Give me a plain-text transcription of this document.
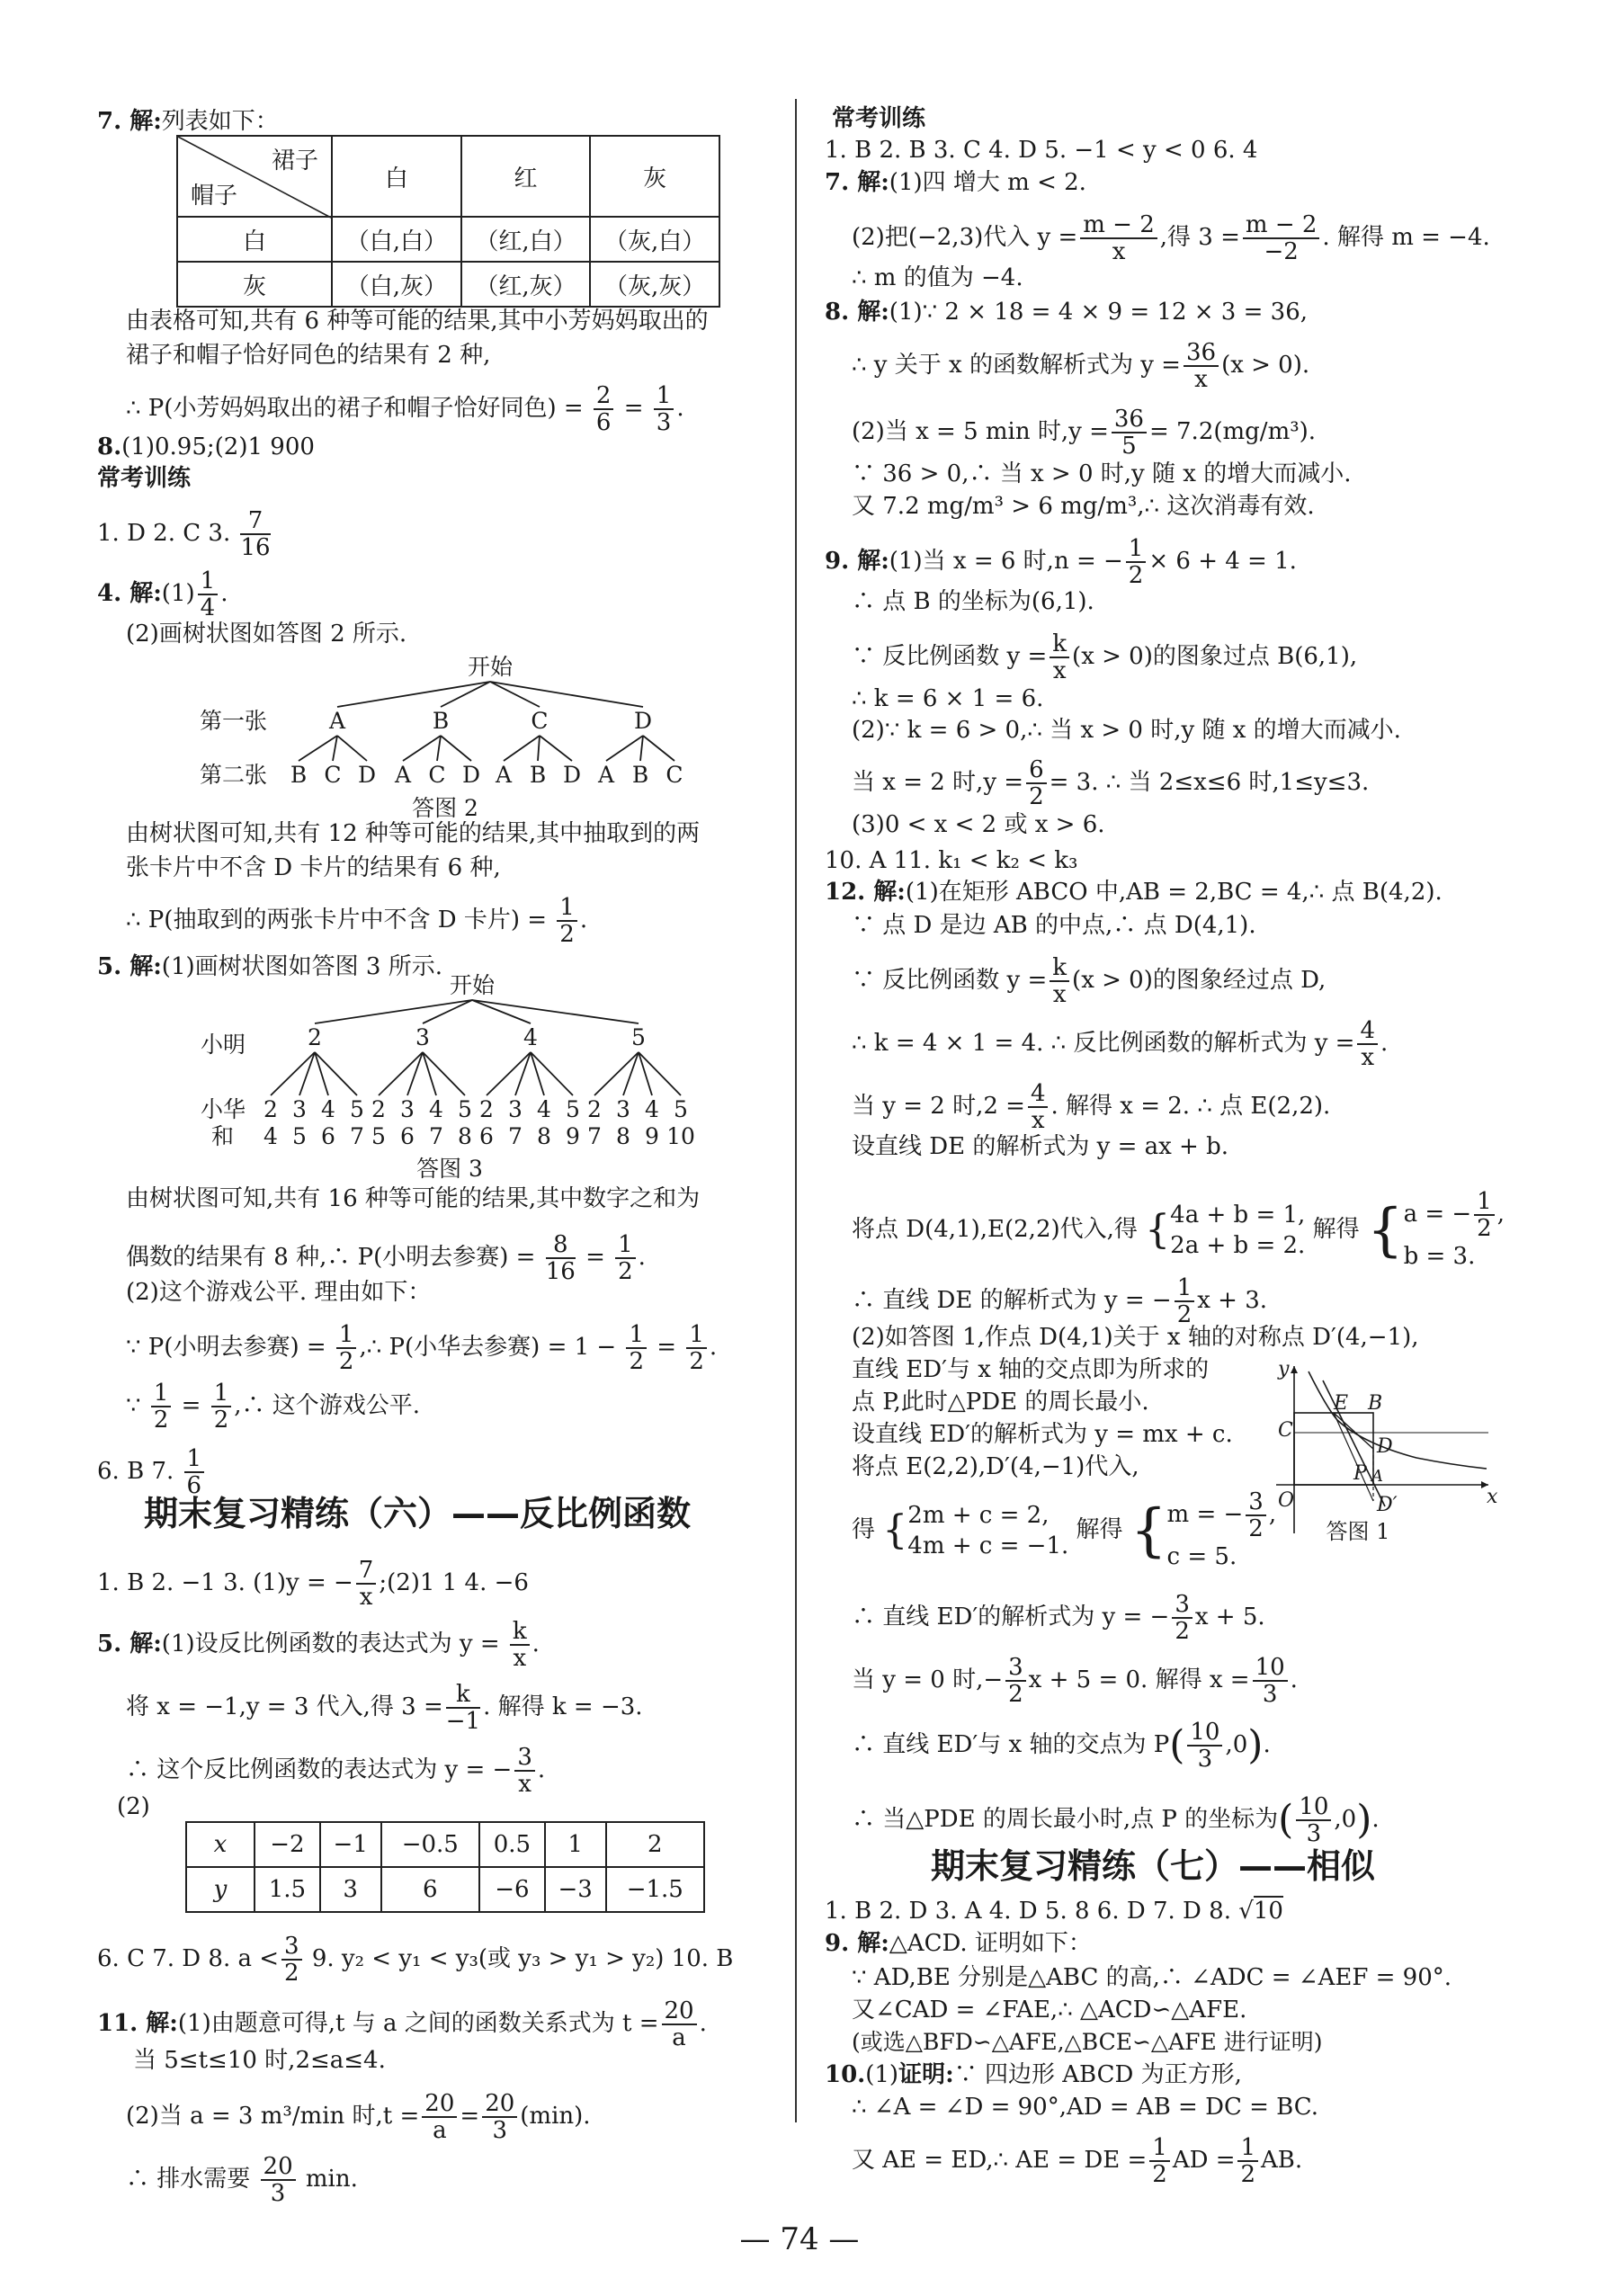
7. 解:列表如下：
裙子
帽子	白	红	灰
白	（白,白）	（红,白）	（灰,白）
灰	（白,灰）	（红,灰）	（灰,灰）
由表格可知,共有 6 种等可能的结果,其中小芳妈妈取出的
裙子和帽子恰好同色的结果有 2 种,
∴ P(小芳妈妈取出的裙子和帽子恰好同色) = $\frac{2}{6} = \frac{1}{3}$ .
8.(1)0.95;(2)1 900
常考训练
1. D 2. C 3. $\frac{7}{16}$
4. 解:(1) $\frac{1}{4}$ .
(2)画树状图如答图 2 所示.
开始
第一张	A	B	C	D
第二张 B C D A C D A B D A B C
答图 2
由树状图可知,共有 12 种等可能的结果,其中抽取到的两
张卡片中不含 D 卡片的结果有 6 种,
∴ P(抽取到的两张卡片中不含 D 卡片) = $\frac{1}{2}$ .
5. 解:(1)画树状图如答图 3 所示.
开始
小明	2	3	4	5
小华
和
2 3 4 5 2 3 4 5 2 3 4 5 2 3 4 5
4 5 6 7 5 6 7 8 6 7 8 9 7 8 9 10
答图 3
由树状图可知,共有 16 种等可能的结果,其中数字之和为
偶数的结果有 8 种,∴ P(小明去参赛) = $\frac{8}{16} = \frac{1}{2}$ .
(2)这个游戏公平. 理由如下：
∵ P(小明去参赛) = $\frac{1}{2}$ ,∴ P(小华去参赛) = $1 - \frac{1}{2} = \frac{1}{2}$ .
∵ $\frac{1}{2} = \frac{1}{2}$ ,∴ 这个游戏公平.
6. B 7. $\frac{1}{6}$
期末复习精练（六）——反比例函数
1. B 2. −1 3. (1)y = − $\frac{7}{x}$ ;(2)1 1 4. −6
5. 解:(1)设反比例函数的表达式为 $y = \frac{k}{x}$ .
将 x = −1,y = 3 代入,得 $3 = \frac{k}{-1}$ . 解得 k = −3.
∴ 这个反比例函数的表达式为 y = − $\frac{3}{x}$ .
(2)
x	−2	−1	−0.5	0.5	1	2
y	1.5	3	6	−6	−3	−1.5
6. C 7. D 8. $a < \frac{3}{2} 9$. y₂ < y₁ < y₃(或 y₃ > y₁ > y₂) 10. B
11. 解:(1)由题意可得,t 与 a 之间的函数关系式为 $t = \frac{20}{a}$ .
当 5≤t≤10 时,2≤a≤4.
(2)当 a = 3 m³/min 时$,t = \frac{20}{a} = \frac{20}{3} (\min)$.
∴ 排水需要 $\frac{20}{3} \min$.
常考训练
1. B 2. B 3. C 4. D 5. −1 < y < 0 6. 4
7. 解:(1)四 增大 m < 2.
(2)把(−2,3)代入 $y = \frac{m - 2}{x}$ ,得 $3 = \frac{m - 2}{-2}$ . 解得 m = −4.
∴ m 的值为 −4.
8. 解:(1)∵ 2 × 18 = 4 × 9 = 12 × 3 = 36,
∴ y 关于 x 的函数解析式为 $y = \frac{36}{x} (x > 0)$.
(2)当 x = 5 min 时$,y = \frac{36}{5} = 7.2(mg/m^3)$.
∵ 36 > 0,∴ 当 x > 0 时,y 随 x 的增大而减小.
又 7.2 mg/m³ > 6 mg/m³,∴ 这次消毒有效.
9. 解:(1)当 x = 6 时,n = − $\frac{1}{2} \times 6 + 4 = 1$.
∴ 点 B 的坐标为(6,1).
∵ 反比例函数 $y = \frac{k}{x} (x > 0)$的图象过点 B(6,1),
∴ k = 6 × 1 = 6.
(2)∵ k = 6 > 0,∴ 当 x > 0 时,y 随 x 的增大而减小.
当 x = 2 时$,y = \frac{6}{2} = 3$. ∴ 当 2≤x≤6 时,1≤y≤3.
(3)0 < x < 2 或 x > 6.
10. A 11. k₁ < k₂ < k₃
12. 解:(1)在矩形 ABCO 中,AB = 2,BC = 4,∴ 点 B(4,2).
∵ 点 D 是边 AB 的中点,∴ 点 D(4,1).
∵ 反比例函数 $y = \frac{k}{x} (x > 0)$的图象经过点 D,
∴ k = 4 × 1 = 4. ∴ 反比例函数的解析式为 $y = \frac{4}{x}$ .
当 y = 2 时$,2 = \frac{4}{x}$ . 解得 x = 2. ∴ 点 E(2,2).
设直线 DE 的解析式为 y = ax + b.
将点 D(4,1),E(2,2)代入,得 { 4a + b = 1,
2a + b = 2.
解得 { a = − $\frac{1}{2}$ ,
b = 3.
∴ 直线 DE 的解析式为 y = − $\frac{1}{2}$ x + 3.
(2)如答图 1,作点 D(4,1)关于 x 轴的对称点 D′(4,−1),
直线 ED′与 x 轴的交点即为所求的
点 P,此时△PDE 的周长最小.
设直线 ED′的解析式为 y = mx + c.
将点 E(2,2),D′(4,−1)代入,
得 { 2m + c = 2,
4m + c = −1.
解得 { m = − $\frac{3}{2}$ ,
c = 5.
y
x
O
C
E B
D
A
P
D′
答图 1
∴ 直线 ED′的解析式为 y = − $\frac{3}{2}$ x + 5.
当 y = 0 时,− $\frac{3}{2}$ x + 5 = 0. 解得 $x = \frac{10}{3}$ .
∴ 直线 ED′与 x 轴的交点为 $P( \frac{10}{3} ,0)$.
∴ 当△PDE 的周长最小时,点 P 的坐标为( $\frac{10}{3} ,0$).
期末复习精练（七）——相似
1. B 2. D 3. A 4. D 5. 8 6. D 7. D 8. √10
9. 解:△ACD. 证明如下：
∵ AD,BE 分别是△ABC 的高,∴ ∠ADC = ∠AEF = 90°.
又∠CAD = ∠FAE,∴ △ACD∽△AFE.
(或选△BFD∽△AFE,△BCE∽△AFE 进行证明)
10.(1)证明:∵ 四边形 ABCD 为正方形,
∴ ∠A = ∠D = 90°,AD = AB = DC = BC.
又 AE = ED,∴ AE = DE = $\frac{1}{2}$ AD = $\frac{1}{2}$ AB.
— 74 —
